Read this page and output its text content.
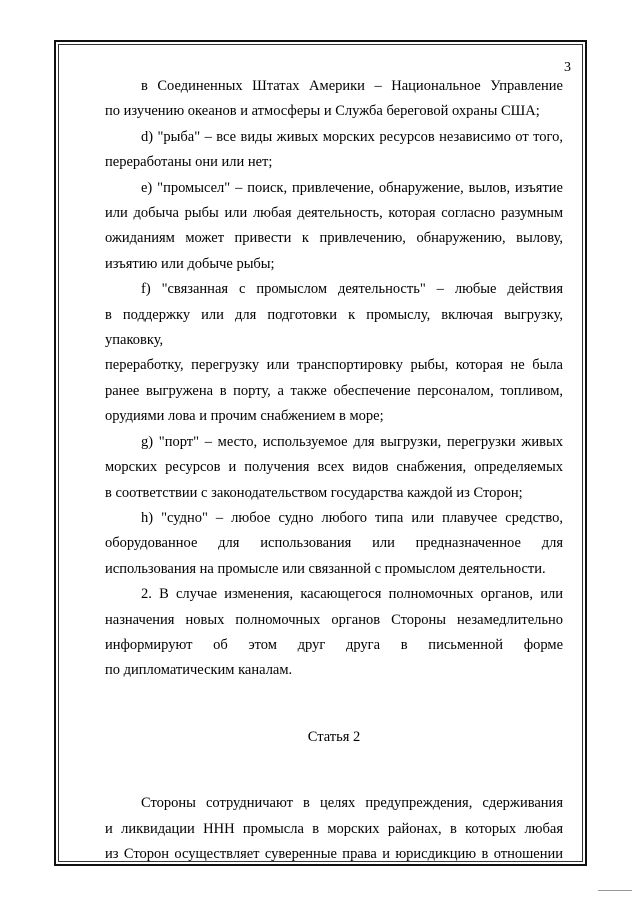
3
в Соединенных Штатах Америки – Национальное Управление
по изучению океанов и атмосферы и Служба береговой охраны США;
d) "рыба" – все виды живых морских ресурсов независимо от того,
переработаны они или нет;
e) "промысел" – поиск, привлечение, обнаружение, вылов, изъятие
или добыча рыбы или любая деятельность, которая согласно разумным
ожиданиям может привести к привлечению, обнаружению, вылову,
изъятию или добыче рыбы;
f) "связанная с промыслом деятельность" – любые действия
в поддержку или для подготовки к промыслу, включая выгрузку, упаковку,
переработку, перегрузку или транспортировку рыбы, которая не была
ранее выгружена в порту, а также обеспечение персоналом, топливом,
орудиями лова и прочим снабжением в море;
g) "порт" – место, используемое для выгрузки, перегрузки живых
морских ресурсов и получения всех видов снабжения, определяемых
в соответствии с законодательством государства каждой из Сторон;
h) "судно" – любое судно любого типа или плавучее средство,
оборудованное для использования или предназначенное для
использования на промысле или связанной с промыслом деятельности.
2. В случае изменения, касающегося полномочных органов, или
назначения новых полномочных органов Стороны незамедлительно
информируют об этом друг друга в письменной форме
по дипломатическим каналам.
Статья 2
Стороны сотрудничают в целях предупреждения, сдерживания
и ликвидации ННН промысла в морских районах, в которых любая
из Сторон осуществляет суверенные права и юрисдикцию в отношении
